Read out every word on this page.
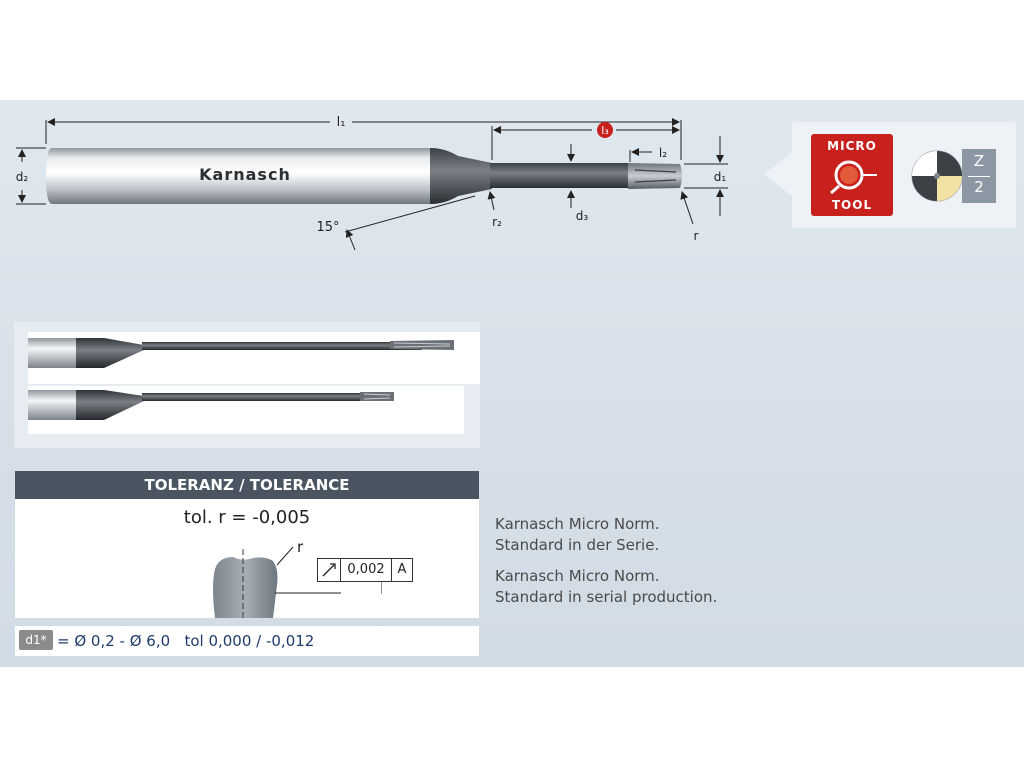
Karnasch
l₁
l₃
l₂
d₁
d₂
d₃
r₂
r
15°
MICRO
TOOL
Z
2
TOLERANZ / TOLERANCE
tol. r = -0,005
r
0,002 A
d1* = Ø 0,2 - Ø 6,0   tol 0,000 / -0,012
Karnasch Micro Norm.
Standard in der Serie.
Karnasch Micro Norm.
Standard in serial production.
